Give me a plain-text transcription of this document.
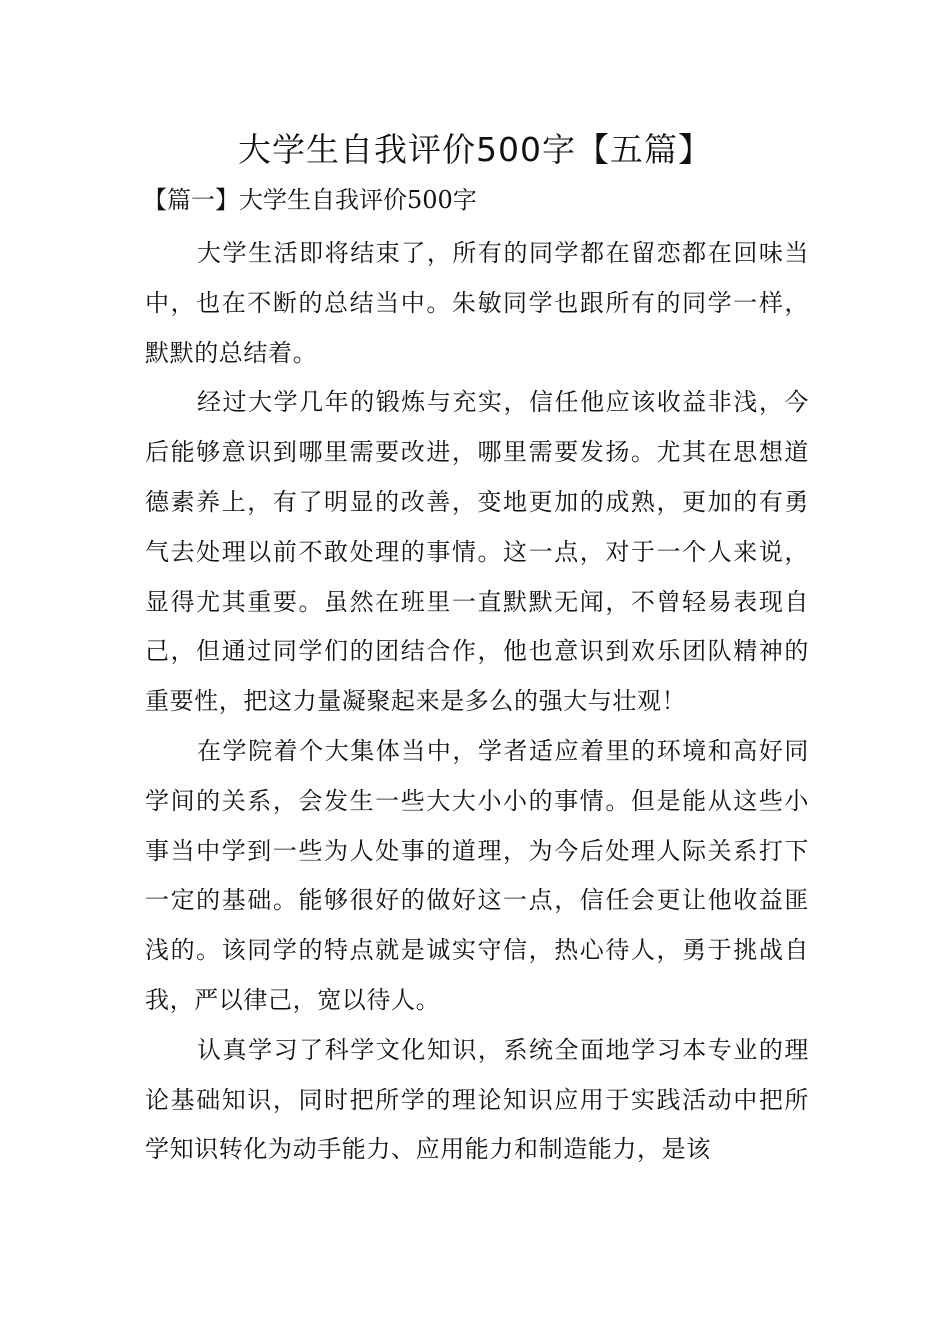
大学生自我评价500字【五篇】
【篇一】大学生自我评价500字

大学生活即将结束了，所有的同学都在留恋都在回味当中，也在不断的总结当中。朱敏同学也跟所有的同学一样，默默的总结着。

经过大学几年的锻炼与充实，信任他应该收益非浅，今后能够意识到哪里需要改进，哪里需要发扬。尤其在思想道德素养上，有了明显的改善，变地更加的成熟，更加的有勇气去处理以前不敢处理的事情。这一点，对于一个人来说，显得尤其重要。虽然在班里一直默默无闻，不曾轻易表现自己，但通过同学们的团结合作，他也意识到欢乐团队精神的重要性，把这力量凝聚起来是多么的强大与壮观！

在学院着个大集体当中，学者适应着里的环境和高好同学间的关系，会发生一些大大小小的事情。但是能从这些小事当中学到一些为人处事的道理，为今后处理人际关系打下一定的基础。能够很好的做好这一点，信任会更让他收益匪浅的。该同学的特点就是诚实守信，热心待人，勇于挑战自我，严以律己，宽以待人。

认真学习了科学文化知识，系统全面地学习本专业的理论基础知识，同时把所学的理论知识应用于实践活动中把所学知识转化为动手能力、应用能力和制造能力，是该
